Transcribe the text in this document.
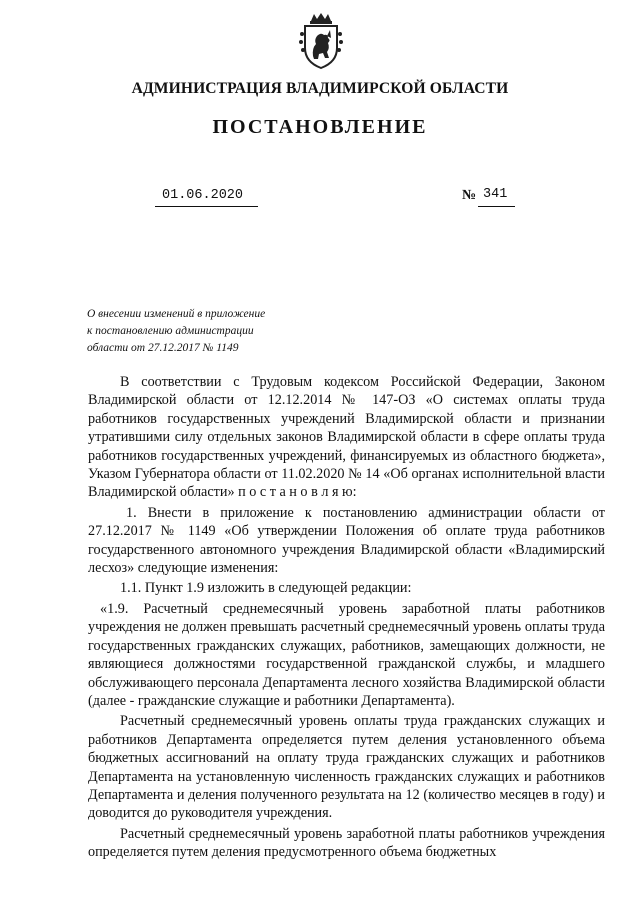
АДМИНИСТРАЦИЯ ВЛАДИМИРСКОЙ ОБЛАСТИ
ПОСТАНОВЛЕНИЕ
01.06.2020	№ 341
О внесении изменений в приложение
к постановлению администрации
области от 27.12.2017 № 1149

В соответствии с Трудовым кодексом Российской Федерации, Законом Владимирской области от 12.12.2014 № 147-ОЗ «О системах оплаты труда работников государственных учреждений Владимирской области и признании утратившими силу отдельных законов Владимирской области в сфере оплаты труда работников государственных учреждений, финансируемых из областного бюджета», Указом Губернатора области от 11.02.2020 № 14 «Об органах исполнительной власти Владимирской области» п о с т а н о в л я ю:

1. Внести в приложение к постановлению администрации области от 27.12.2017 № 1149 «Об утверждении Положения об оплате труда работников государственного автономного учреждения Владимирской области «Владимирский лесхоз» следующие изменения:

1.1. Пункт 1.9 изложить в следующей редакции:

«1.9. Расчетный среднемесячный уровень заработной платы работников учреждения не должен превышать расчетный среднемесячный уровень оплаты труда государственных гражданских служащих, работников, замещающих должности, не являющиеся должностями государственной гражданской службы, и младшего обслуживающего персонала Департамента лесного хозяйства Владимирской области (далее - гражданские служащие и работники Департамента).

Расчетный среднемесячный уровень оплаты труда гражданских служащих и работников Департамента определяется путем деления установленного объема бюджетных ассигнований на оплату труда гражданских служащих и работников Департамента на установленную численность гражданских служащих и работников Департамента и деления полученного результата на 12 (количество месяцев в году) и доводится до руководителя учреждения.

Расчетный среднемесячный уровень заработной платы работников учреждения определяется путем деления предусмотренного объема бюджетных
